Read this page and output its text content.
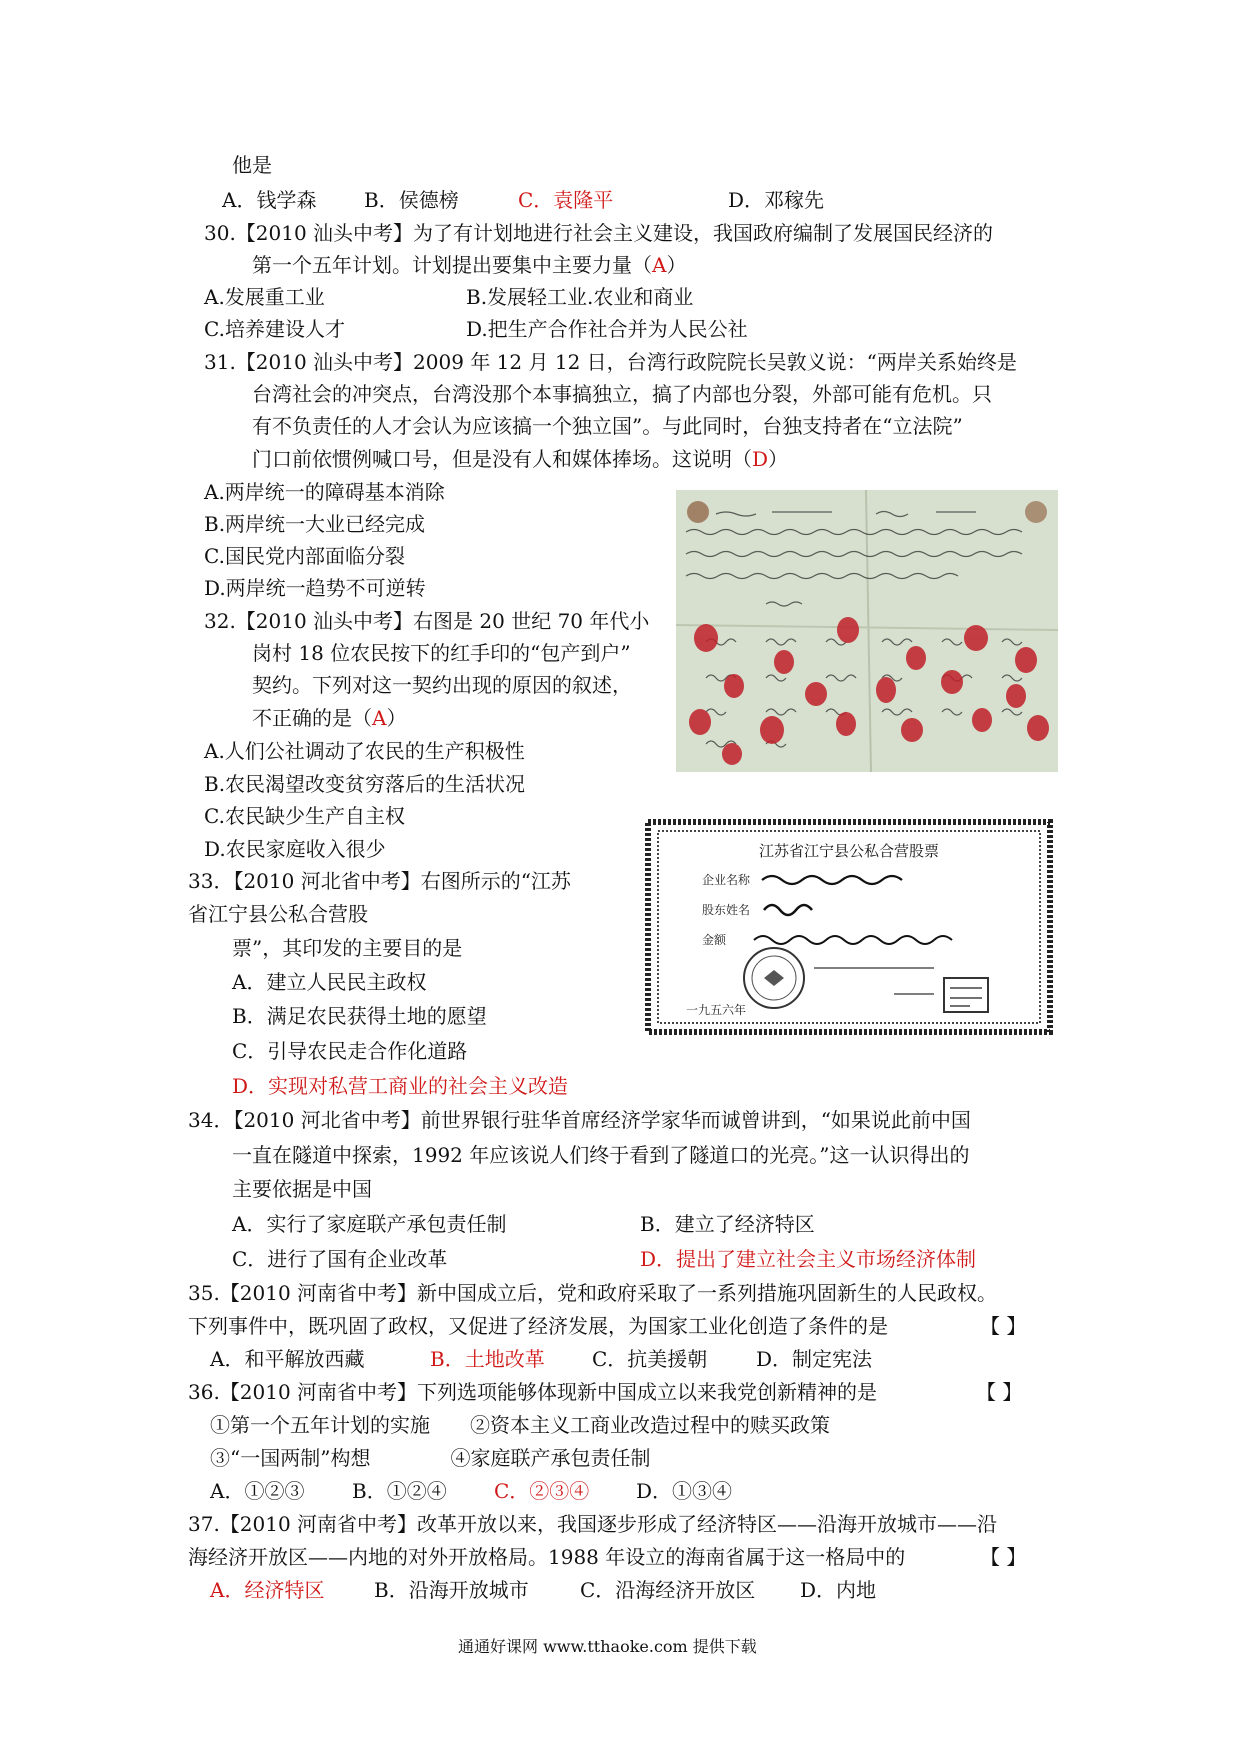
他是
A．钱学森 B．侯德榜	C．袁隆平	D．邓稼先
30.【2010 汕头中考】为了有计划地进行社会主义建设，我国政府编制了发展国民经济的
第一个五年计划。计划提出要集中主要力量（A）
A.发展重工业	B.发展轻工业.农业和商业
C.培养建设人才	D.把生产合作社合并为人民公社
31.【2010 汕头中考】2009 年 12 月 12 日，台湾行政院院长吴敦义说：“两岸关系始终是
台湾社会的冲突点，台湾没那个本事搞独立，搞了内部也分裂，外部可能有危机。只
有不负责任的人才会认为应该搞一个独立国”。与此同时，台独支持者在“立法院”
门口前依惯例喊口号，但是没有人和媒体捧场。这说明（D）
A.两岸统一的障碍基本消除
B.两岸统一大业已经完成
C.国民党内部面临分裂
D.两岸统一趋势不可逆转
32.【2010 汕头中考】右图是 20 世纪 70 年代小
岗村 18 位农民按下的红手印的“包产到户”
契约。下列对这一契约出现的原因的叙述，
不正确的是（A）
A.人们公社调动了农民的生产积极性
B.农民渴望改变贫穷落后的生活状况
C.农民缺少生产自主权
D.农民家庭收入很少	江苏省江宁县公私合营股票
企业名称
股东姓名
金额
一九五六年
33．【2010 河北省中考】右图所示的“江苏
省江宁县公私合营股
票”，其印发的主要目的是
A．建立人民民主政权
B．满足农民获得土地的愿望
C．引导农民走合作化道路
D．实现对私营工商业的社会主义改造
34．【2010 河北省中考】前世界银行驻华首席经济学家华而诚曾讲到，“如果说此前中国
一直在隧道中探索，1992 年应该说人们终于看到了隧道口的光亮。”这一认识得出的
主要依据是中国
A．实行了家庭联产承包责任制	B．建立了经济特区
C．进行了国有企业改革	D．提出了建立社会主义市场经济体制
35.【2010 河南省中考】新中国成立后，党和政府采取了一系列措施巩固新生的人民政权。
下列事件中，既巩固了政权，又促进了经济发展，为国家工业化创造了条件的是	【 】
A．和平解放西藏	B．土地改革 C．抗美援朝 D．制定宪法
36.【2010 河南省中考】下列选项能够体现新中国成立以来我党创新精神的是	【 】
①第一个五年计划的实施　　②资本主义工商业改造过程中的赎买政策
③“一国两制”构想　　　　④家庭联产承包责任制
A．①②③ B．①②④ C．②③④ D．①③④
37.【2010 河南省中考】改革开放以来，我国逐步形成了经济特区——沿海开放城市——沿
海经济开放区——内地的对外开放格局。1988 年设立的海南省属于这一格局中的	【 】
A．经济特区 B．沿海开放城市	C．沿海经济开放区 D．内地
通通好课网 www.tthaoke.com 提供下载
